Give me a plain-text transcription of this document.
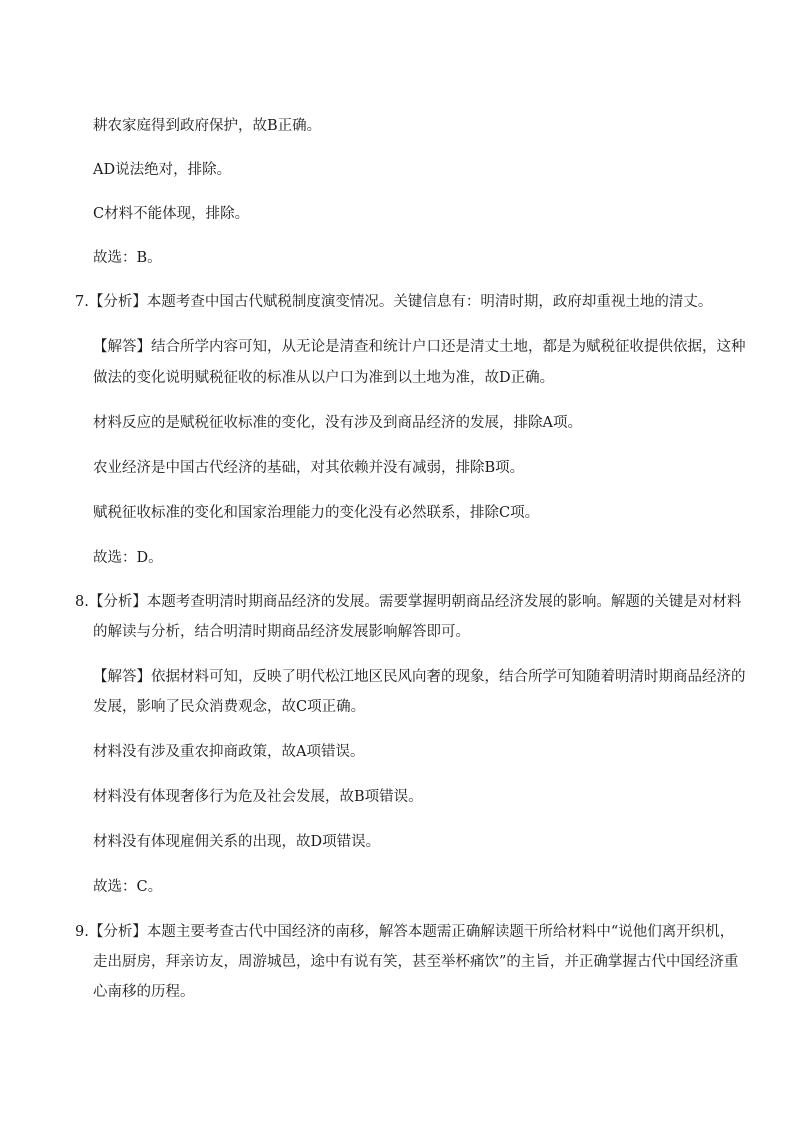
耕农家庭得到政府保护，故B正确。
AD说法绝对，排除。
C材料不能体现，排除。
故选：B。
7.【分析】本题考查中国古代赋税制度演变情况。关键信息有：明清时期，政府却重视土地的清丈。
【解答】结合所学内容可知，从无论是清查和统计户口还是清丈土地，都是为赋税征收提供依据，这种
做法的变化说明赋税征收的标准从以户口为准到以土地为准，故D正确。
材料反应的是赋税征收标准的变化，没有涉及到商品经济的发展，排除A项。
农业经济是中国古代经济的基础，对其依赖并没有减弱，排除B项。
赋税征收标准的变化和国家治理能力的变化没有必然联系，排除C项。
故选：D。
8.【分析】本题考查明清时期商品经济的发展。需要掌握明朝商品经济发展的影响。解题的关键是对材料
的解读与分析，结合明清时期商品经济发展影响解答即可。
【解答】依据材料可知，反映了明代松江地区民风向奢的现象，结合所学可知随着明清时期商品经济的
发展，影响了民众消费观念，故C项正确。
材料没有涉及重农抑商政策，故A项错误。
材料没有体现奢侈行为危及社会发展，故B项错误。
材料没有体现雇佣关系的出现，故D项错误。
故选：C。
9.【分析】本题主要考查古代中国经济的南移，解答本题需正确解读题干所给材料中“说他们离开织机，
走出厨房，拜亲访友，周游城邑，途中有说有笑，甚至举杯痛饮”的主旨，并正确掌握古代中国经济重
心南移的历程。
